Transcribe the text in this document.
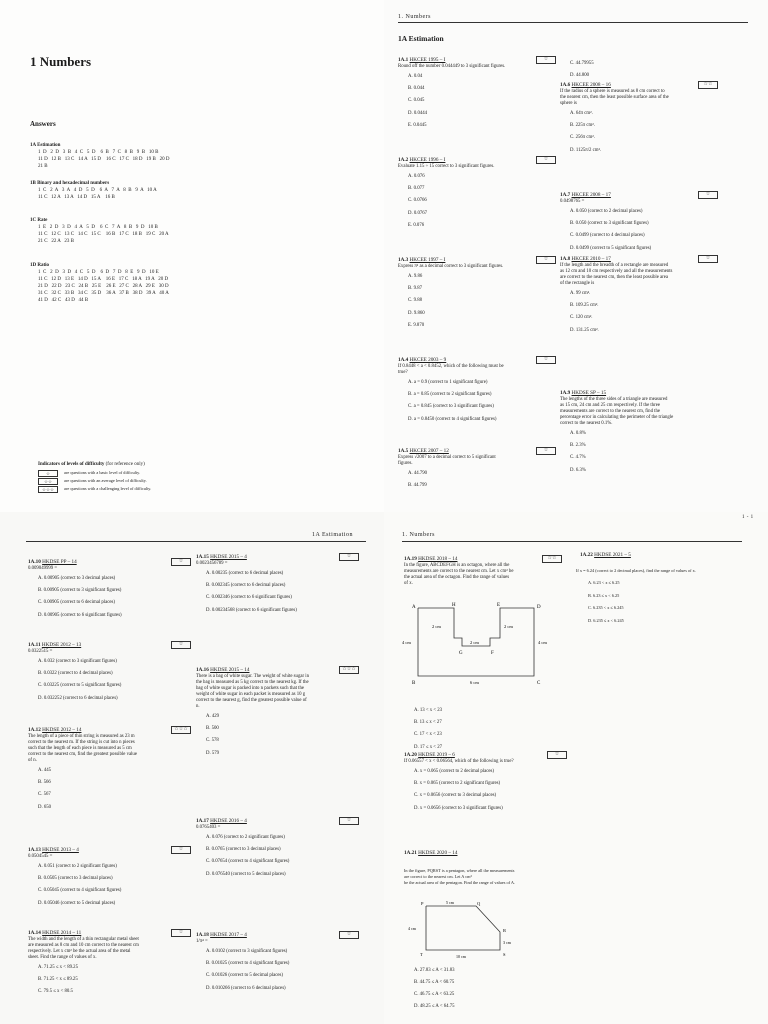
1 Numbers
Answers
1A Estimation
1  D   2  D   3  B   4  C   5  D    6  B   7  C   8  B   9  B   10 B
11 D   12 B   13 C   14 A   15 D    16 C   17 C   18 D   19 B   20 D
21 B
1B Binary and hexadecimal numbers
1  C   2  A   3  A   4  D   5  D    6  A   7  A   8  B   9  A   10 A
11 C   12 A   13 A   14 D   15 A    16 B
1C Rate
1  E   2  D   3  D   4  A   5  D    6  C   7  A   8  B   9  D   10 B
11 C   12 C   13 C   14 C   15 C    16 B   17 C   18 B   19 C   20 A
21 C   22 A   23 B
1D Ratio
1  C   2  D   3  D   4  C   5  D    6  D   7  D   8  E   9  D   10 E
11 C   12 D   13 E   14 D   15 A    16 E   17 C   18 A   19 A   20 D
21 D   22 D   23 C   24 B   25 E    26 E   27 C   28 A   29 E   30 D
31 C   32 C   33 B   34 C   35 D    36 A   37 B   38 D   39 A   40 A
41 D   42 C   43 D   44 B
Indicators of levels of difficulty (for reference only)
☆	are questions with a basic level of difficulty.
☆☆	are questions with an average level of difficulty.
☆☆☆	are questions with a challenging level of difficulty.
1. Numbers
1A Estimation
1A.1 HKCEE 1995 – I	☆
Round off the number 0.044449 to 3 significant figures.
A. 0.04
B. 0.044
C. 0.045
D. 0.0444
E. 0.0445
1A.2 HKCEE 1996 – I	☆
Evaluate 1.15 ÷ 15 correct to 3 significant figures.
A. 0.076
B. 0.077
C. 0.0766
D. 0.0767
E. 0.076
1A.3 HKCEE 1997 – I	☆
Express π² as a decimal correct to 3 significant figures.
A. 9.86
B. 9.87
C. 9.88
D. 9.860
E. 9.870
1A.4 HKCEE 2003 – 9	☆
If 0.8448 < a < 0.8452, which of the following must be
true?
A. a = 0.9 (correct to 1 significant figure)
B. a = 0.85 (correct to 2 significant figures)
C. a = 0.845 (correct to 3 significant figures)
D. a = 0.8450 (correct to 4 significant figures)
1A.5 HKCEE 2007 – 12	☆
Express √2007 to a decimal correct to 5 significant
figures.
A. 44.790
B. 44.799
C. 44.79955
D. 44.800
1A.6 HKCEE 2008 – 16	☆☆
If the radius of a sphere is measured as 8 cm correct to
the nearest cm, then the least possible surface area of the
sphere is
A. 64π cm².
B. 225π cm².
C. 256π cm².
D. 1125π/2 cm².
1A.7 HKCEE 2008 – 17	☆
0.0498765 =
A. 0.050 (correct to 2 decimal places)
B. 0.050 (correct to 3 significant figures)
C. 0.0499 (correct to 4 decimal places)
D. 0.0499 (correct to 5 significant figures)
1A.8 HKCEE 2010 – 17	☆
If the length and the breadth of a rectangle are measured
as 12 cm and 10 cm respectively and all the measurements
are correct to the nearest cm, then the least possible area
of the rectangle is
A. 99 cm².
B. 109.25 cm².
C. 120 cm².
D. 131.25 cm².
1A.9 HKDSE SP – 15
The lengths of the three sides of a triangle are measured
as 15 cm, 24 cm and 25 cm respectively. If the three
measurements are correct to the nearest cm, find the
percentage error in calculating the perimeter of the triangle
correct to the nearest 0.1%.
A. 0.8%
B. 2.3%
C. 4.7%
D. 6.3%
1A Estimation
1A.10 HKDSE PP – 14	☆
0.009049999 =
A. 0.00905 (correct to 3 decimal places)
B. 0.00905 (correct to 3 significant figures)
C. 0.00905 (correct to 6 decimal places)
D. 0.00905 (correct to 6 significant figures)
1A.11 HKDSE 2012 – 13	☆
0.0322515 =
A. 0.032 (correct to 3 significant figures)
B. 0.0322 (correct to 4 decimal places)
C. 0.03225 (correct to 5 significant figures)
D. 0.032252 (correct to 6 decimal places)
1A.12 HKDSE 2012 – 14	☆☆☆
The length of a piece of thin string is measured as 23 m
correct to the nearest m. If the string is cut into n pieces
such that the length of each piece is measured as 5 cm
correct to the nearest cm, find the greatest possible value
of n.
A. 445
B. 566
C. 567
D. 650
1A.13 HKDSE 2013 – 4	☆
0.0504545 =
A. 0.051 (correct to 2 significant figures)
B. 0.0505 (correct to 3 decimal places)
C. 0.05045 (correct to 4 significant figures)
D. 0.05046 (correct to 5 decimal places)
1A.14 HKDSE 2014 – 11	☆
The width and the length of a thin rectangular metal sheet
are measured as 8 cm and 10 cm correct to the nearest cm
respectively. Let x cm² be the actual area of the metal
sheet. Find the range of values of x.
A. 71.25 ≤ x < 89.25
B. 71.25 < x ≤ 89.25
C. 79.5 ≤ x < 80.5
1A.15 HKDSE 2015 – 4	☆
0.0023456789 =
A. 0.00235 (correct to 6 decimal places)
B. 0.002345 (correct to 6 decimal places)
C. 0.002346 (correct to 6 significant figures)
D. 0.00234568 (correct to 6 significant figures)
1A.16 HKDSE 2015 – 14	☆☆☆
There is a bag of white sugar. The weight of white sugar in
the bag is measured as 5 kg correct to the nearest kg. If the
bag of white sugar is packed into n packets such that the
weight of white sugar in each packet is measured as 10 g
correct to the nearest g, find the greatest possible value of
n.
A. 429
B. 500
C. 578
D. 579
1A.17 HKDSE 2016 – 4	☆
0.0765403 =
A. 0.076 (correct to 2 significant figures)
B. 0.0765 (correct to 3 decimal places)
C. 0.07654 (correct to 4 significant figures)
D. 0.076540 (correct to 5 decimal places)
1A.18 HKDSE 2017 – 4	☆
1/π⁴ =
A. 0.0102 (correct to 3 significant figures)
B. 0.01025 (correct to 4 significant figures)
C. 0.01026 (correct to 5 decimal places)
D. 0.010266 (correct to 6 decimal places)
1. Numbers
1 - 1
1A.19 HKDSE 2018 – 14	☆☆
In the figure, ABCDEFGH is an octagon, where all the
measurements are correct to the nearest cm. Let x cm² be
the actual area of the octagon. Find the range of values
of x.
A. 13 < x < 23
B. 13 ≤ x < 27
C. 17 < x < 23
D. 17 ≤ x < 27
1A.20 HKDSE 2019 – 6	☆
If 0.06557 < x < 0.06564, which of the following is true?
A. x = 0.065 (correct to 2 decimal places)
B. x = 0.065 (correct to 2 significant figures)
C. x = 0.0656 (correct to 3 decimal places)
D. x = 0.0656 (correct to 3 significant figures)
1A.21 HKDSE 2020 – 14
In the figure, PQRST is a pentagon, where all the measurements
are correct to the nearest cm. Let A cm²
be the actual area of the pentagon. Find the range of values of A.
A. 27.83 ≤ A < 31.83
B. 44.75 ≤ A < 60.75
C. 46.75 ≤ A < 63.25
D. 48.25 ≤ A < 64.75
1A.22 HKDSE 2021 – 5
If x = 6.24 (correct to 2 decimal places), find the range of values of x.
A. 6.23 < x ≤ 6.25
B. 6.23 ≤ x < 6.25
C. 6.235 < x ≤ 6.245
D. 6.235 ≤ x < 6.245
A	H	E	D
G	F
B	C
4 cm	4 cm
6 cm
2 cm	2 cm
2 cm
P	Q
R
S
T
5 cm
4 cm
3 cm
10 cm
